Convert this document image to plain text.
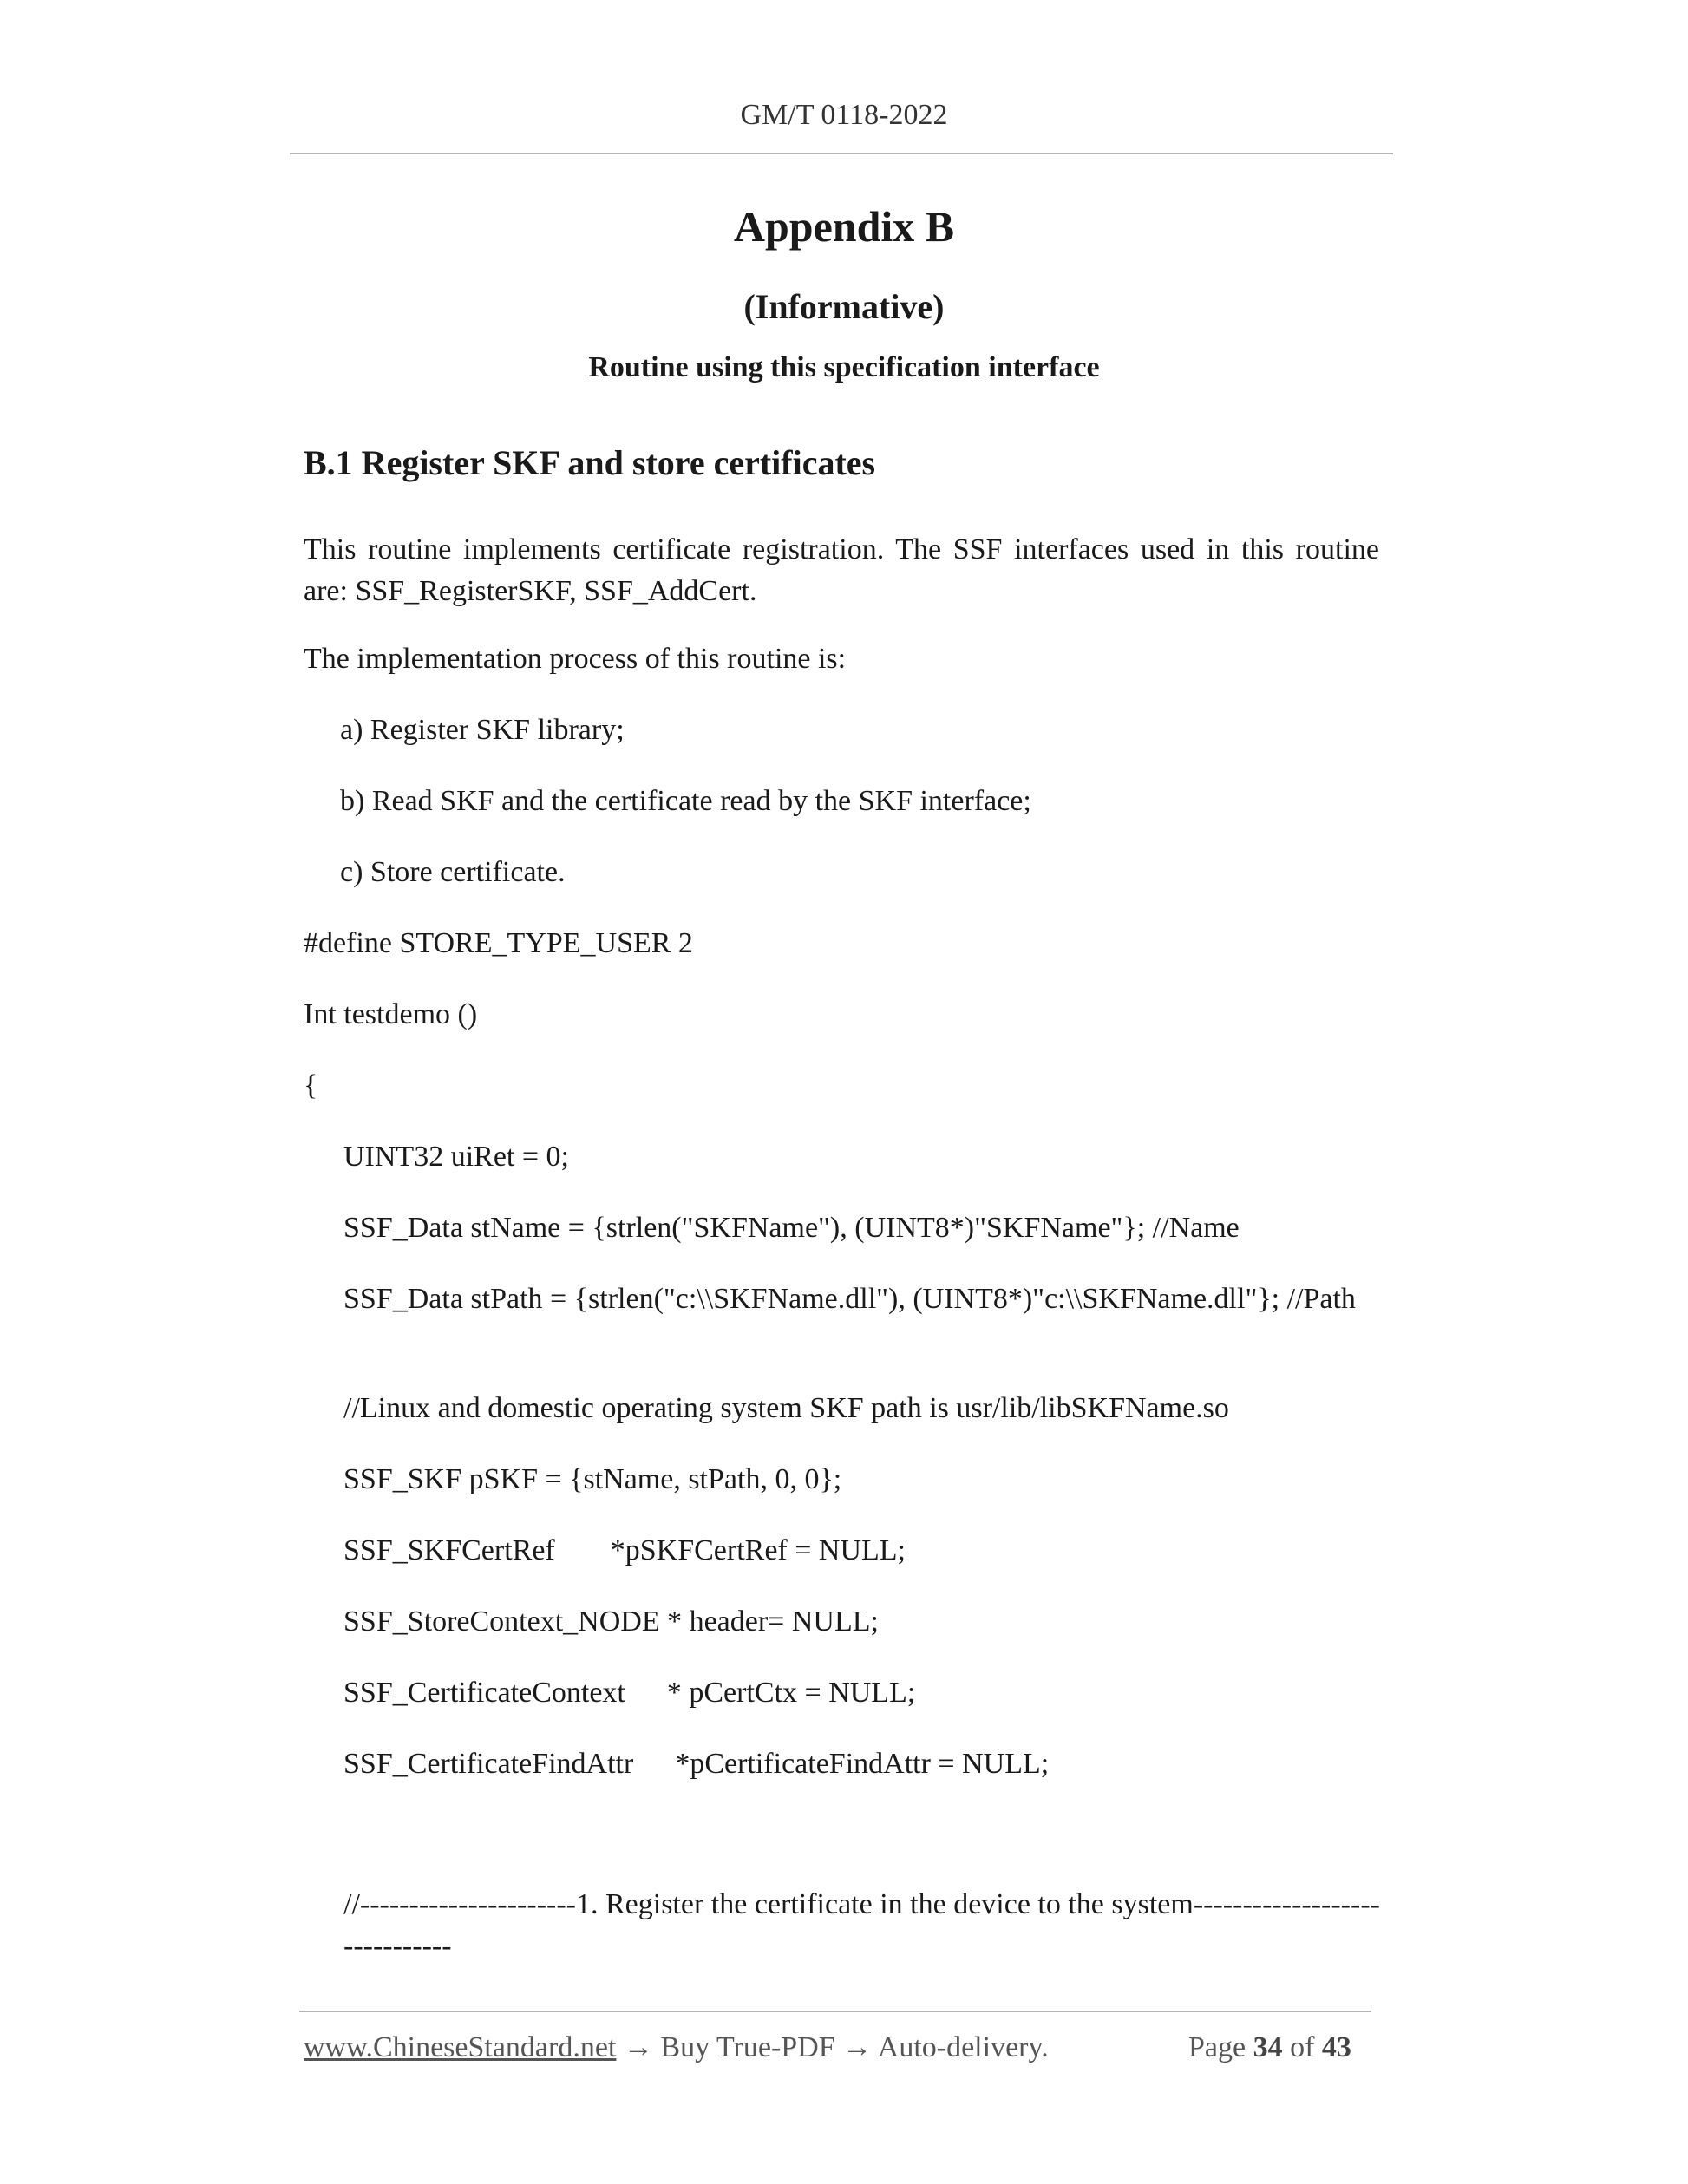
GM/T 0118-2022
Appendix B
(Informative)
Routine using this specification interface
B.1 Register SKF and store certificates
This routine implements certificate registration. The SSF interfaces used in this routine are: SSF_RegisterSKF, SSF_AddCert.
The implementation process of this routine is:
a) Register SKF library;
b) Read SKF and the certificate read by the SKF interface;
c) Store certificate.
#define STORE_TYPE_USER 2
Int testdemo ()
{
UINT32 uiRet = 0;
SSF_Data stName = {strlen("SKFName"), (UINT8*)"SKFName"}; //Name
SSF_Data stPath = {strlen("c:\\SKFName.dll"), (UINT8*)"c:\\SKFName.dll"}; //Path
//Linux and domestic operating system SKF path is usr/lib/libSKFName.so
SSF_SKF pSKF = {stName, stPath, 0, 0};
SSF_SKFCertRef *pSKFCertRef = NULL;
SSF_StoreContext_NODE * header= NULL;
SSF_CertificateContext * pCertCtx = NULL;
SSF_CertificateFindAttr *pCertificateFindAttr = NULL;
//----------------------1. Register the certificate in the device to the system------------------------------
www.ChineseStandard.net → Buy True-PDF → Auto-delivery.	Page 34 of 43
